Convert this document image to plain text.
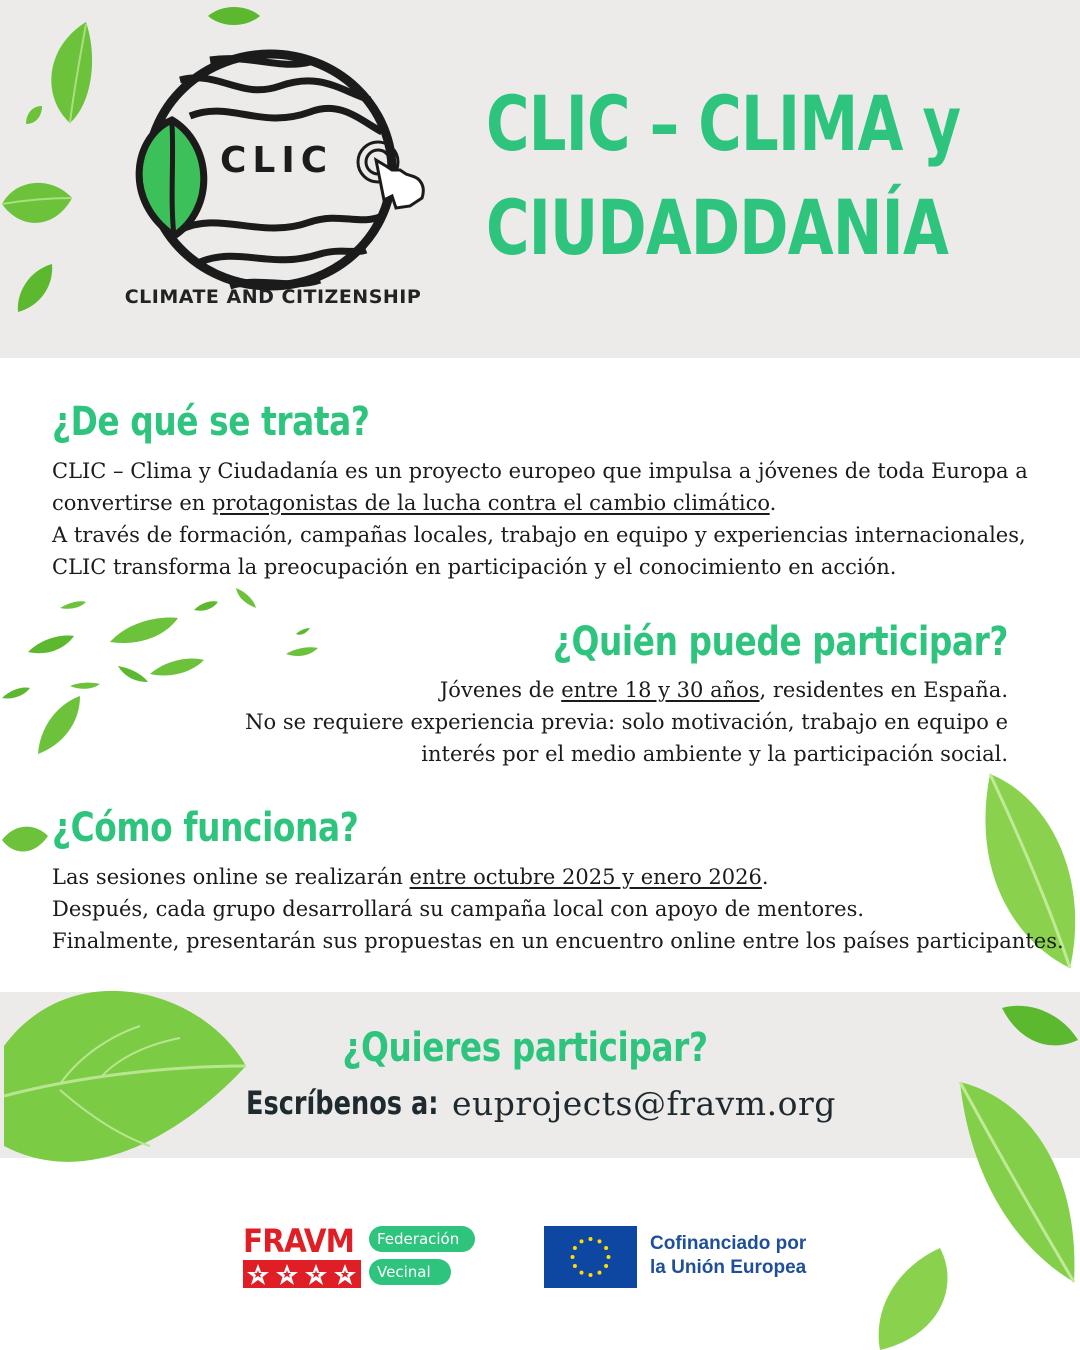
CLIC
CLIMATE AND CITIZENSHIP
CLIC – CLIMA y
CIUDADDANÍA
¿De qué se trata?

CLIC – Clima y Ciudadanía es un proyecto europeo que impulsa a jóvenes de toda Europa a
convertirse en protagonistas de la lucha contra el cambio climático.
A través de formación, campañas locales, trabajo en equipo y experiencias internacionales,
CLIC transforma la preocupación en participación y el conocimiento en acción.

¿Quién puede participar?

Jóvenes de entre 18 y 30 años, residentes en España.
No se requiere experiencia previa: solo motivación, trabajo en equipo e
interés por el medio ambiente y la participación social.

¿Cómo funciona?

Las sesiones online se realizarán entre octubre 2025 y enero 2026.
Después, cada grupo desarrollará su campaña local con apoyo de mentores.
Finalmente, presentarán sus propuestas en un encuentro online entre los países participantes.

¿Quieres participar?

Escríbenos a: euprojects@fravm.org

FRAVM	Federación
Vecinal
Cofinanciado por
la Unión Europea
